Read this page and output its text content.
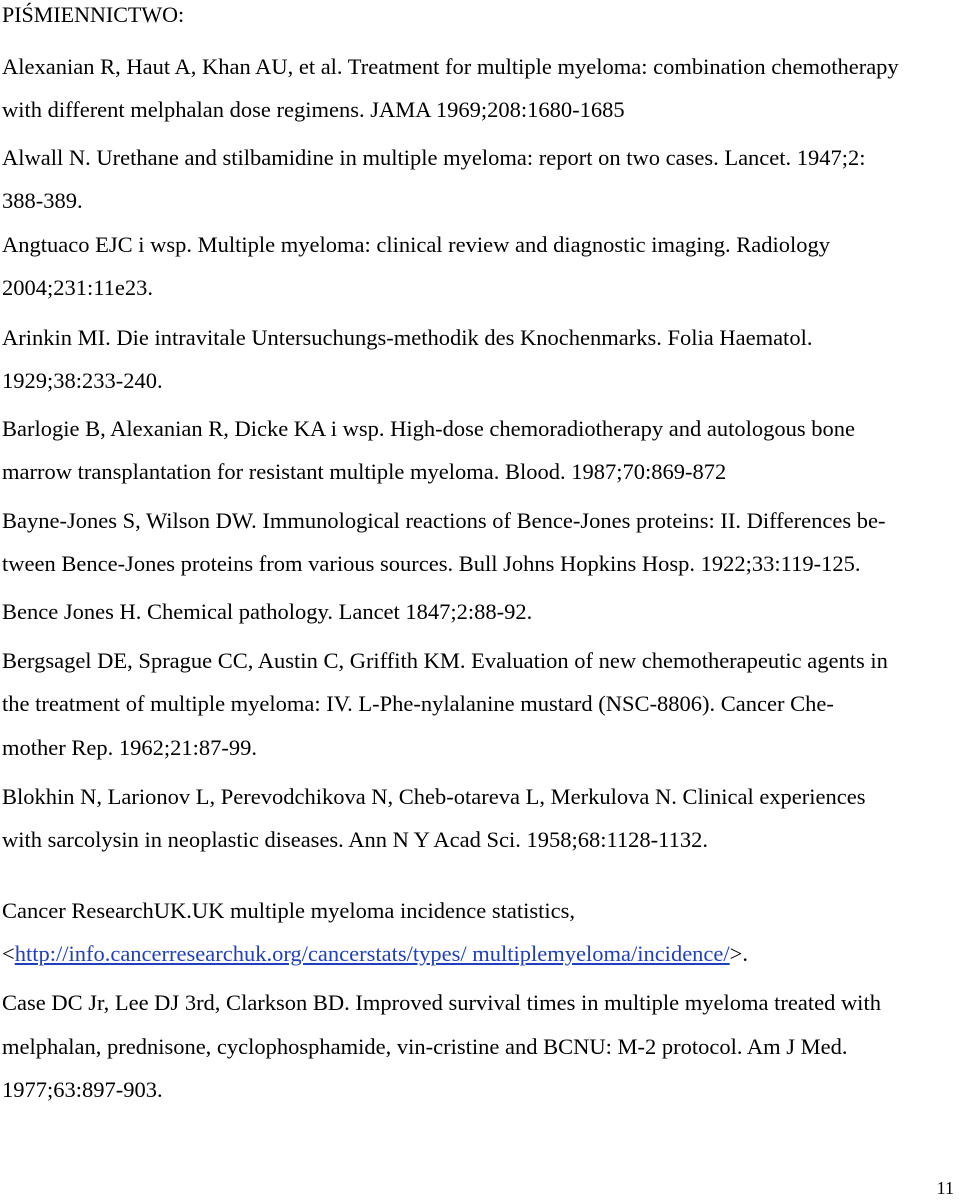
PIŚMIENNICTWO:
Alexanian R, Haut A, Khan AU, et al. Treatment for multiple myeloma: combination chemotherapy
with different melphalan dose regimens. JAMA 1969;208:1680-1685
Alwall N. Urethane and stilbamidine in multiple myeloma: report on two cases. Lancet. 1947;2:
388-389.
Angtuaco EJC i wsp. Multiple myeloma: clinical review and diagnostic imaging. Radiology
2004;231:11e23.
Arinkin MI. Die intravitale Untersuchungs-methodik des Knochenmarks. Folia Haematol.
1929;38:233-240.
Barlogie B, Alexanian R, Dicke KA i wsp. High-dose chemoradiotherapy and autologous bone
marrow transplantation for resistant multiple myeloma. Blood. 1987;70:869-872
Bayne-Jones S, Wilson DW. Immunological reactions of Bence-Jones proteins: II. Differences be-
tween Bence-Jones proteins from various sources. Bull Johns Hopkins Hosp. 1922;33:119-125.
Bence Jones H. Chemical pathology. Lancet 1847;2:88-92.
Bergsagel DE, Sprague CC, Austin C, Griffith KM. Evaluation of new chemotherapeutic agents in
the treatment of multiple myeloma: IV. L-Phe-nylalanine mustard (NSC-8806). Cancer Che-
mother Rep. 1962;21:87-99.
Blokhin N, Larionov L, Perevodchikova N, Cheb-otareva L, Merkulova N. Clinical experiences
with sarcolysin in neoplastic diseases. Ann N Y Acad Sci. 1958;68:1128-1132.
Cancer ResearchUK.UK multiple myeloma incidence statistics,
<http://info.cancerresearchuk.org/cancerstats/types/ multiplemyeloma/incidence/>.
Case DC Jr, Lee DJ 3rd, Clarkson BD. Improved survival times in multiple myeloma treated with
melphalan, prednisone, cyclophosphamide, vin-cristine and BCNU: M-2 protocol. Am J Med.
1977;63:897-903.
11
